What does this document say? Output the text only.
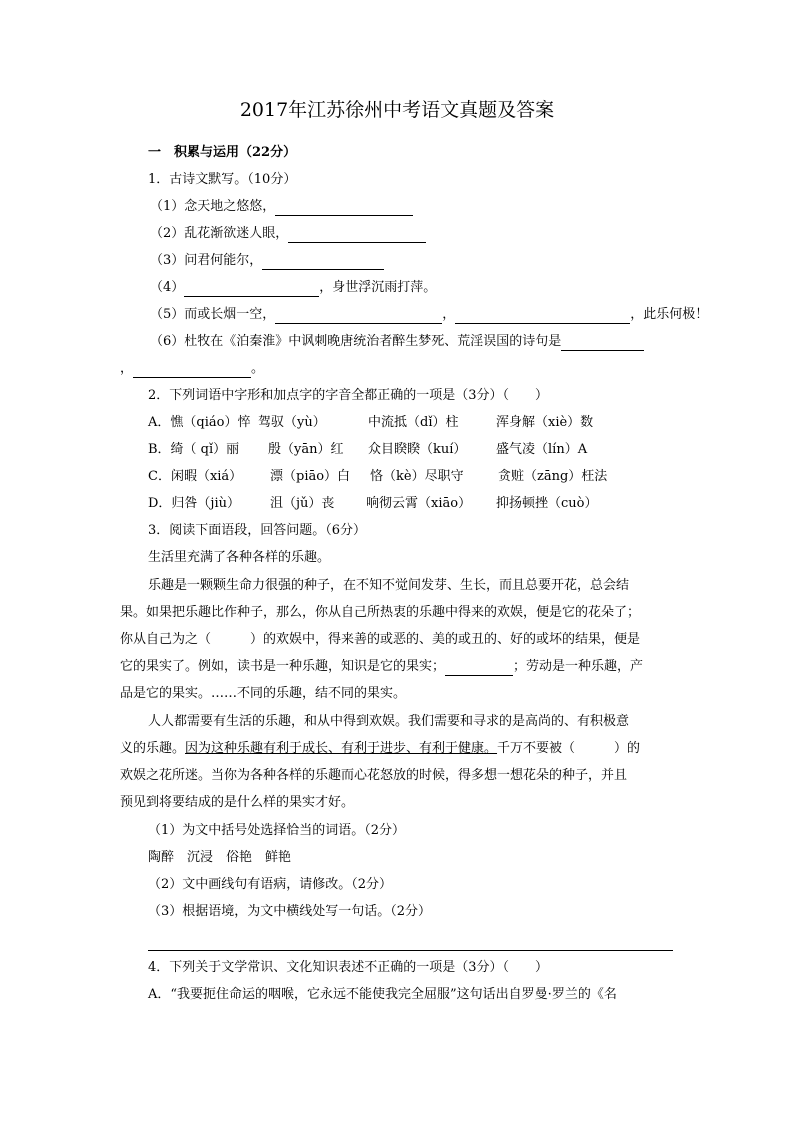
2017年江苏徐州中考语文真题及答案
一　积累与运用（22分）
1．古诗文默写。（10分）
（1）念天地之悠悠，
（2）乱花渐欲迷人眼，
（3）问君何能尔，
（4）	，身世浮沉雨打萍。
（5）而或长烟一空，	，	，此乐何极！
（6）杜牧在《泊秦淮》中讽刺晚唐统治者醉生梦死、荒淫误国的诗句是
，	。
2．下列词语中字形和加点字的字音全都正确的一项是（3分）（　　）
A．憔（qiáo）悴 驾驭（yù）	中流抵（dǐ）柱	浑身解（xiè）数
B．绮（ qǐ）丽 殷（yān）红 众目睽睽（kuí） 盛气凌（lín）A
C．闲暇（xiá） 漂（piāo）白 恪（kè）尽职守	贪赃（zāng）枉法
D．归咎（jiù） 沮（jǔ）丧 响彻云霄（xiāo） 抑扬顿挫（cuò）
3．阅读下面语段，回答问题。（6分）
生活里充满了各种各样的乐趣。
乐趣是一颗颗生命力很强的种子，在不知不觉间发芽、生长，而且总要开花，总会结
果。如果把乐趣比作种子，那么，你从自己所热衷的乐趣中得来的欢娱，便是它的花朵了；
你从自己为之（　　　）的欢娱中，得来善的或恶的、美的或丑的、好的或坏的结果，便是
它的果实了。例如，读书是一种乐趣，知识是它的果实；	；劳动是一种乐趣，产
品是它的果实。……不同的乐趣，结不同的果实。
人人都需要有生活的乐趣，和从中得到欢娱。我们需要和寻求的是高尚的、有积极意
义的乐趣。因为这种乐趣有利于成长、有利于进步、有利于健康。千万不要被（　　　）的
欢娱之花所迷。当你为各种各样的乐趣而心花怒放的时候，得多想一想花朵的种子，并且
预见到将要结成的是什么样的果实才好。
（1）为文中括号处选择恰当的词语。（2分）
陶醉　沉浸　俗艳　鲜艳
（2）文中画线句有语病，请修改。（2分）
（3）根据语境，为文中横线处写一句话。（2分）
4．下列关于文学常识、文化知识表述不正确的一项是（3分）（　　）
A．“我要扼住命运的咽喉，它永远不能使我完全屈服”这句话出自罗曼·罗兰的《名
